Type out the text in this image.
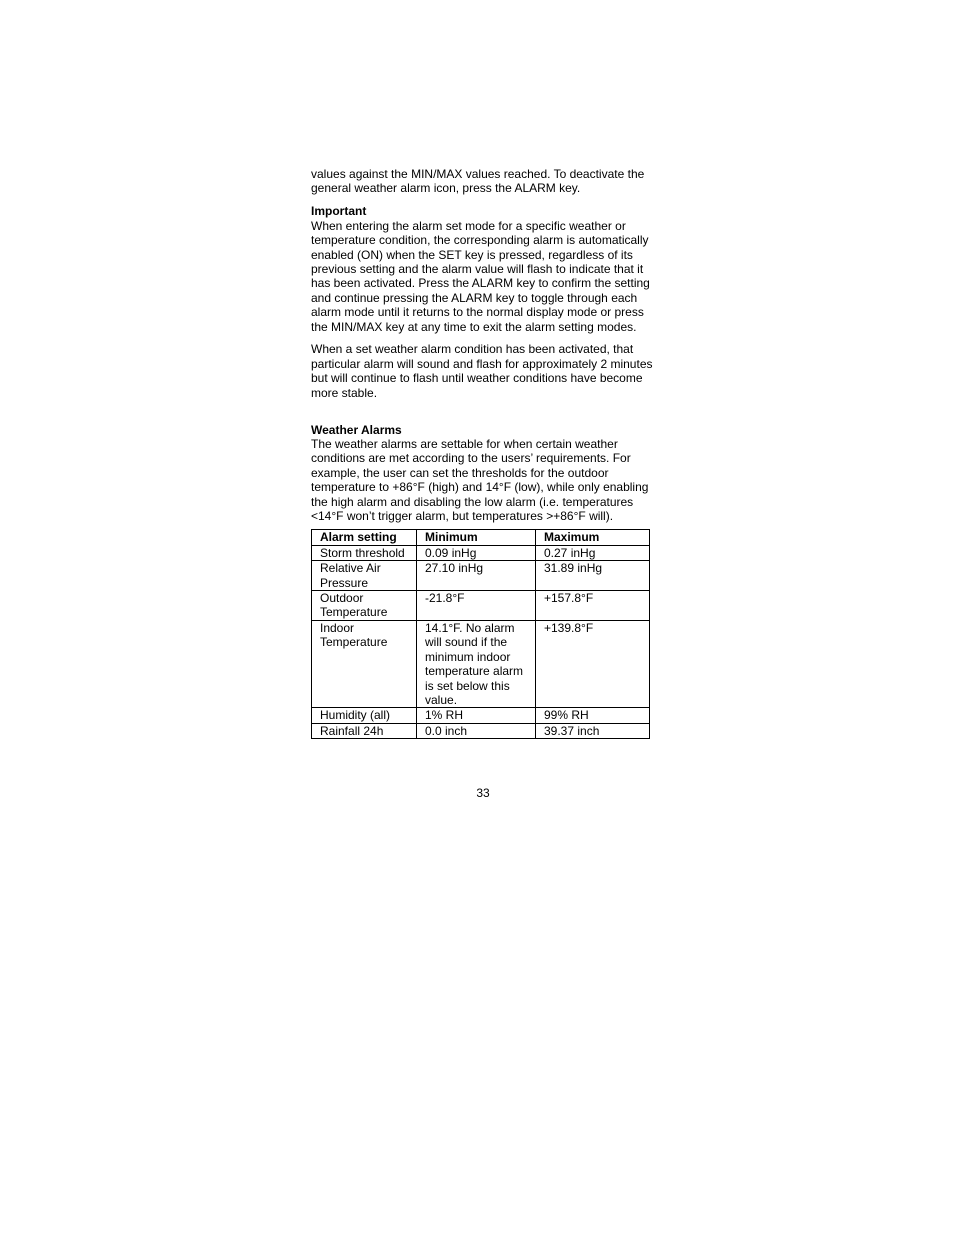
values against the MIN/MAX values reached. To deactivate the general weather alarm icon, press the ALARM key.

Important

When entering the alarm set mode for a specific weather or temperature condition, the corresponding alarm is automatically enabled (ON) when the SET key is pressed, regardless of its previous setting and the alarm value will flash to indicate that it has been activated. Press the ALARM key to confirm the setting and continue pressing the ALARM key to toggle through each alarm mode until it returns to the normal display mode or press the MIN/MAX key at any time to exit the alarm setting modes.

When a set weather alarm condition has been activated, that particular alarm will sound and flash for approximately 2 minutes but will continue to flash until weather conditions have become more stable.

Weather Alarms

The weather alarms are settable for when certain weather conditions are met according to the users’ requirements. For example, the user can set the thresholds for the outdoor temperature to +86°F (high) and 14°F (low), while only enabling the high alarm and disabling the low alarm (i.e. temperatures <14°F won’t trigger alarm, but temperatures >+86°F will).

Alarm setting	Minimum	Maximum
Storm threshold	0.09 inHg	0.27 inHg
Relative Air Pressure	27.10 inHg	31.89 inHg
Outdoor Temperature	-21.8°F	+157.8°F
Indoor Temperature	14.1°F. No alarm will sound if the minimum indoor temperature alarm is set below this value.	+139.8°F
Humidity (all)	1% RH	99% RH
Rainfall 24h	0.0 inch	39.37 inch
33
